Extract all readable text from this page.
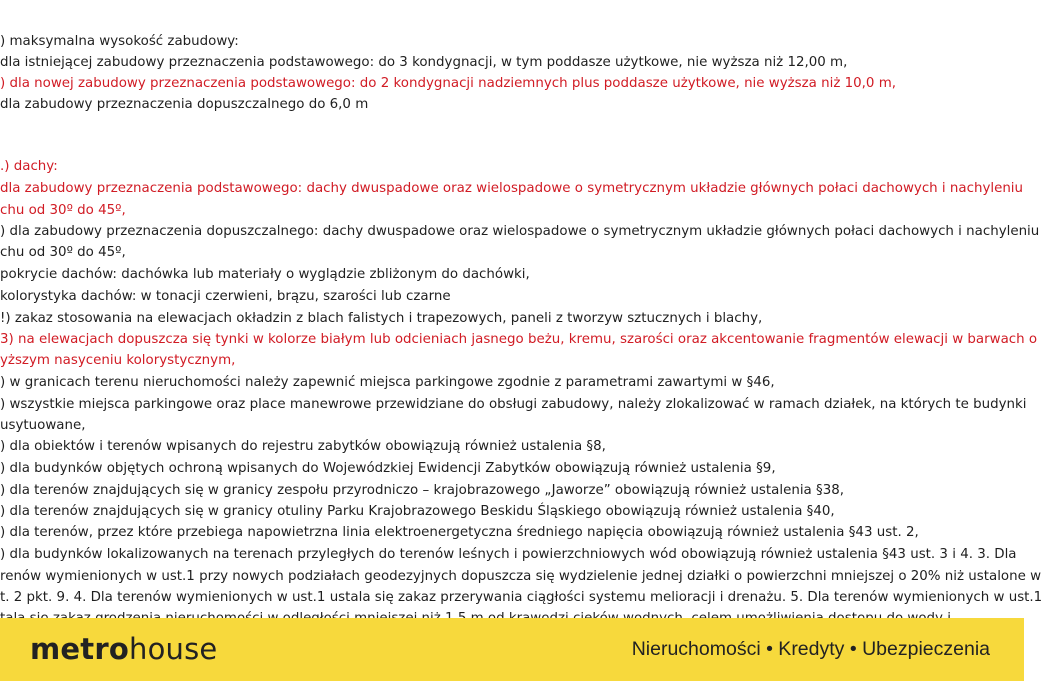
) maksymalna wysokość zabudowy:
dla istniejącej zabudowy przeznaczenia podstawowego: do 3 kondygnacji, w tym poddasze użytkowe, nie wyższa niż 12,00 m,
) dla nowej zabudowy przeznaczenia podstawowego: do 2 kondygnacji nadziemnych plus poddasze użytkowe, nie wyższa niż 10,0 m,
dla zabudowy przeznaczenia dopuszczalnego do 6,0 m
.) dachy:
dla zabudowy przeznaczenia podstawowego: dachy dwuspadowe oraz wielospadowe o symetrycznym układzie głównych połaci dachowych i nachyleniu
chu od 30º do 45º,
) dla zabudowy przeznaczenia dopuszczalnego: dachy dwuspadowe oraz wielospadowe o symetrycznym układzie głównych połaci dachowych i nachyleniu
chu od 30º do 45º,
pokrycie dachów: dachówka lub materiały o wyglądzie zbliżonym do dachówki,
kolorystyka dachów: w tonacji czerwieni, brązu, szarości lub czarne
!) zakaz stosowania na elewacjach okładzin z blach falistych i trapezowych, paneli z tworzyw sztucznych i blachy,
3) na elewacjach dopuszcza się tynki w kolorze białym lub odcieniach jasnego beżu, kremu, szarości oraz akcentowanie fragmentów elewacji w barwach o
yższym nasyceniu kolorystycznym,
) w granicach terenu nieruchomości należy zapewnić miejsca parkingowe zgodnie z parametrami zawartymi w §46,
) wszystkie miejsca parkingowe oraz place manewrowe przewidziane do obsługi zabudowy, należy zlokalizować w ramach działek, na których te budynki
usytuowane,
) dla obiektów i terenów wpisanych do rejestru zabytków obowiązują również ustalenia §8,
) dla budynków objętych ochroną wpisanych do Wojewódzkiej Ewidencji Zabytków obowiązują również ustalenia §9,
) dla terenów znajdujących się w granicy zespołu przyrodniczo – krajobrazowego „Jaworze” obowiązują również ustalenia §38,
) dla terenów znajdujących się w granicy otuliny Parku Krajobrazowego Beskidu Śląskiego obowiązują również ustalenia §40,
) dla terenów, przez które przebiega napowietrzna linia elektroenergetyczna średniego napięcia obowiązują również ustalenia §43 ust. 2,
) dla budynków lokalizowanych na terenach przyległych do terenów leśnych i powierzchniowych wód obowiązują również ustalenia §43 ust. 3 i 4. 3. Dla
renów wymienionych w ust.1 przy nowych podziałach geodezyjnych dopuszcza się wydzielenie jednej działki o powierzchni mniejszej o 20% niż ustalone w
t. 2 pkt. 9. 4. Dla terenów wymienionych w ust.1 ustala się zakaz przerywania ciągłości systemu melioracji i drenażu. 5. Dla terenów wymienionych w ust.1
metrohouse	Nieruchomości • Kredyty • Ubezpieczenia
